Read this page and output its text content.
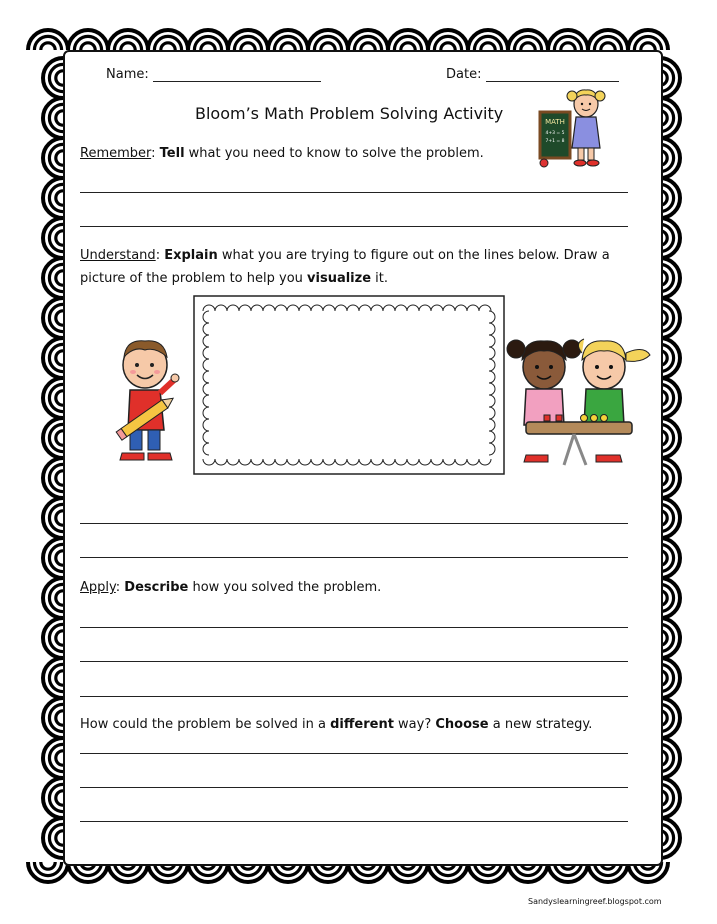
Name:	Date:
Bloom’s Math Problem Solving Activity
Remember: Tell what you need to know to solve the problem.
Understand: Explain what you are trying to figure out on the lines below. Draw a
picture of the problem to help you visualize it.
MATH
4+3 = 5
7+1 = 8
Apply: Describe how you solved the problem.
How could the problem be solved in a different way? Choose a new strategy.
Sandyslearningreef.blogspot.com
